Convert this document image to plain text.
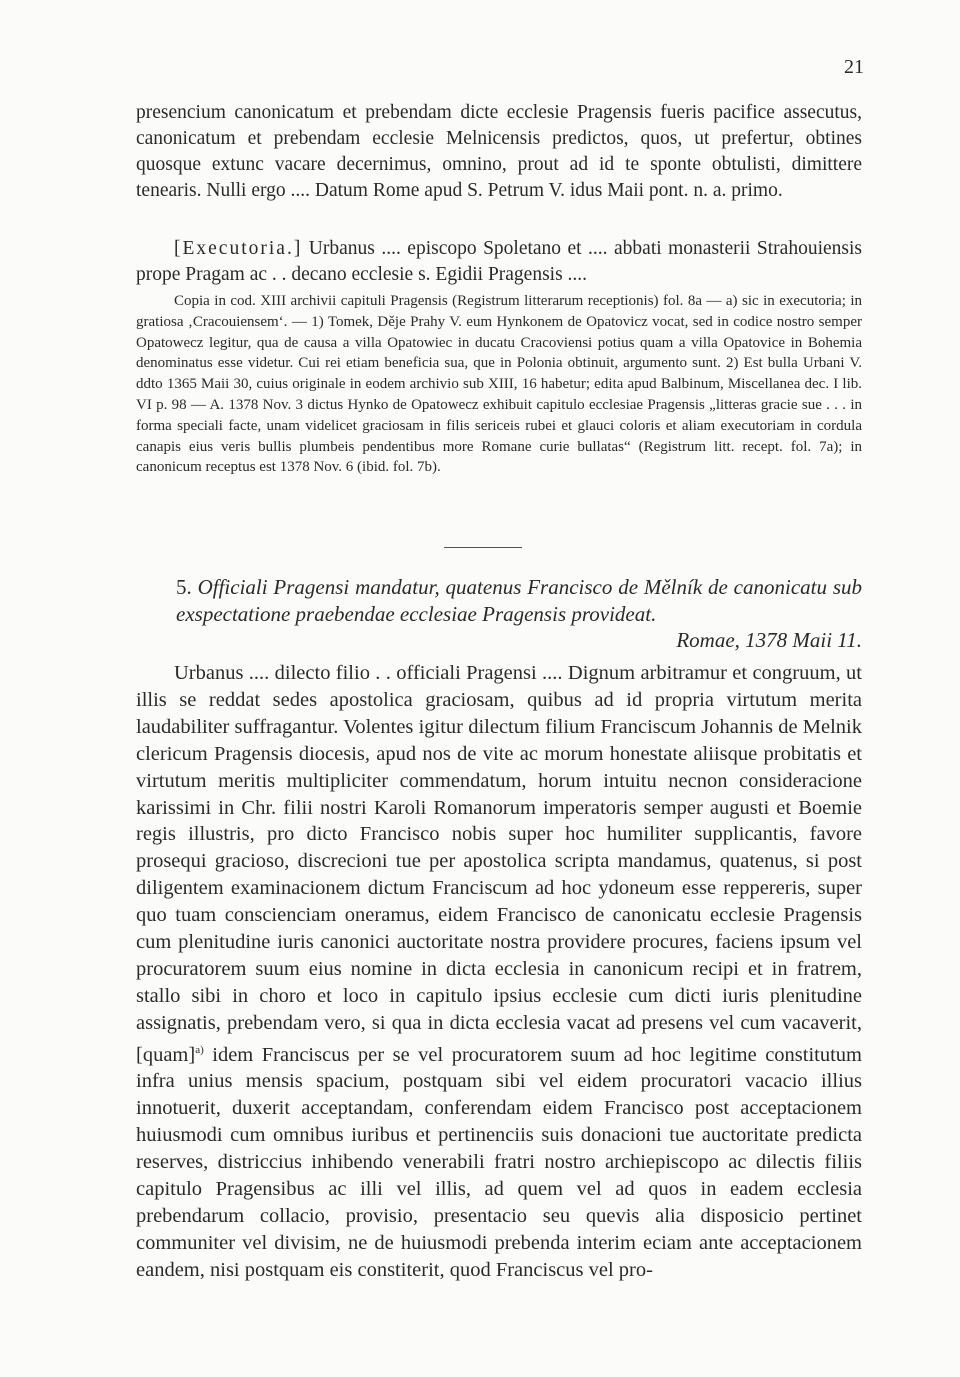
21
presencium canonicatum et prebendam dicte ecclesie Pragensis fueris pacifice assecutus, canonicatum et prebendam ecclesie Melnicensis predictos, quos, ut prefertur, obtines quosque extunc vacare decernimus, omnino, prout ad id te sponte obtulisti, dimittere tenearis. Nulli ergo .... Datum Rome apud S. Petrum V. idus Maii pont. n. a. primo.
[Executoria.] Urbanus .... episcopo Spoletano et .... abbati monasterii Strahouiensis prope Pragam ac . . decano ecclesie s. Egidii Pragensis ....
Copia in cod. XIII archivii capituli Pragensis (Registrum litterarum receptionis) fol. 8a — a) sic in executoria; in gratiosa ‚Cracouiensem‘. — 1) Tomek, Děje Prahy V. eum Hynkonem de Opatovicz vocat, sed in codice nostro semper Opatowecz legitur, qua de causa a villa Opatowiec in ducatu Cracoviensi potius quam a villa Opatovice in Bohemia denominatus esse videtur. Cui rei etiam beneficia sua, que in Polonia obtinuit, argumento sunt. 2) Est bulla Urbani V. ddto 1365 Maii 30, cuius originale in eodem archivio sub XIII, 16 habetur; edita apud Balbinum, Miscellanea dec. I lib. VI p. 98 — A. 1378 Nov. 3 dictus Hynko de Opatowecz exhibuit capitulo ecclesiae Pragensis „litteras gracie sue . . . in forma speciali facte, unam videlicet graciosam in filis sericeis rubei et glauci coloris et aliam executoriam in cordula canapis eius veris bullis plumbeis pendentibus more Romane curie bullatas“ (Registrum litt. recept. fol. 7a); in canonicum receptus est 1378 Nov. 6 (ibid. fol. 7b).
5. Officiali Pragensi mandatur, quatenus Francisco de Mělník de canonicatu sub exspectatione praebendae ecclesiae Pragensis provideat.
Romae, 1378 Maii 11.
Urbanus .... dilecto filio . . officiali Pragensi .... Dignum arbitramur et congruum, ut illis se reddat sedes apostolica graciosam, quibus ad id propria virtutum merita laudabiliter suffragantur. Volentes igitur dilectum filium Franciscum Johannis de Melnik clericum Pragensis diocesis, apud nos de vite ac morum honestate aliisque probitatis et virtutum meritis multipliciter commendatum, horum intuitu necnon consideracione karissimi in Chr. filii nostri Karoli Romanorum imperatoris semper augusti et Boemie regis illustris, pro dicto Francisco nobis super hoc humiliter supplicantis, favore prosequi gracioso, discrecioni tue per apostolica scripta mandamus, quatenus, si post diligentem examinacionem dictum Franciscum ad hoc ydoneum esse reppereris, super quo tuam conscienciam oneramus, eidem Francisco de canonicatu ecclesie Pragensis cum plenitudine iuris canonici auctoritate nostra providere procures, faciens ipsum vel procuratorem suum eius nomine in dicta ecclesia in canonicum recipi et in fratrem, stallo sibi in choro et loco in capitulo ipsius ecclesie cum dicti iuris plenitudine assignatis, prebendam vero, si qua in dicta ecclesia vacat ad presens vel cum vacaverit, [quam]$^{a)}$ idem Franciscus per se vel procuratorem suum ad hoc legitime constitutum infra unius mensis spacium, postquam sibi vel eidem procuratori vacacio illius innotuerit, duxerit acceptandam, conferendam eidem Francisco post acceptacionem huiusmodi cum omnibus iuribus et pertinenciis suis donacioni tue auctoritate predicta reserves, districcius inhibendo venerabili fratri nostro archiepiscopo ac dilectis filiis capitulo Pragensibus ac illi vel illis, ad quem vel ad quos in eadem ecclesia prebendarum collacio, provisio, presentacio seu quevis alia disposicio pertinet communiter vel divisim, ne de huiusmodi prebenda interim eciam ante acceptacionem eandem, nisi postquam eis constiterit, quod Franciscus vel pro-
